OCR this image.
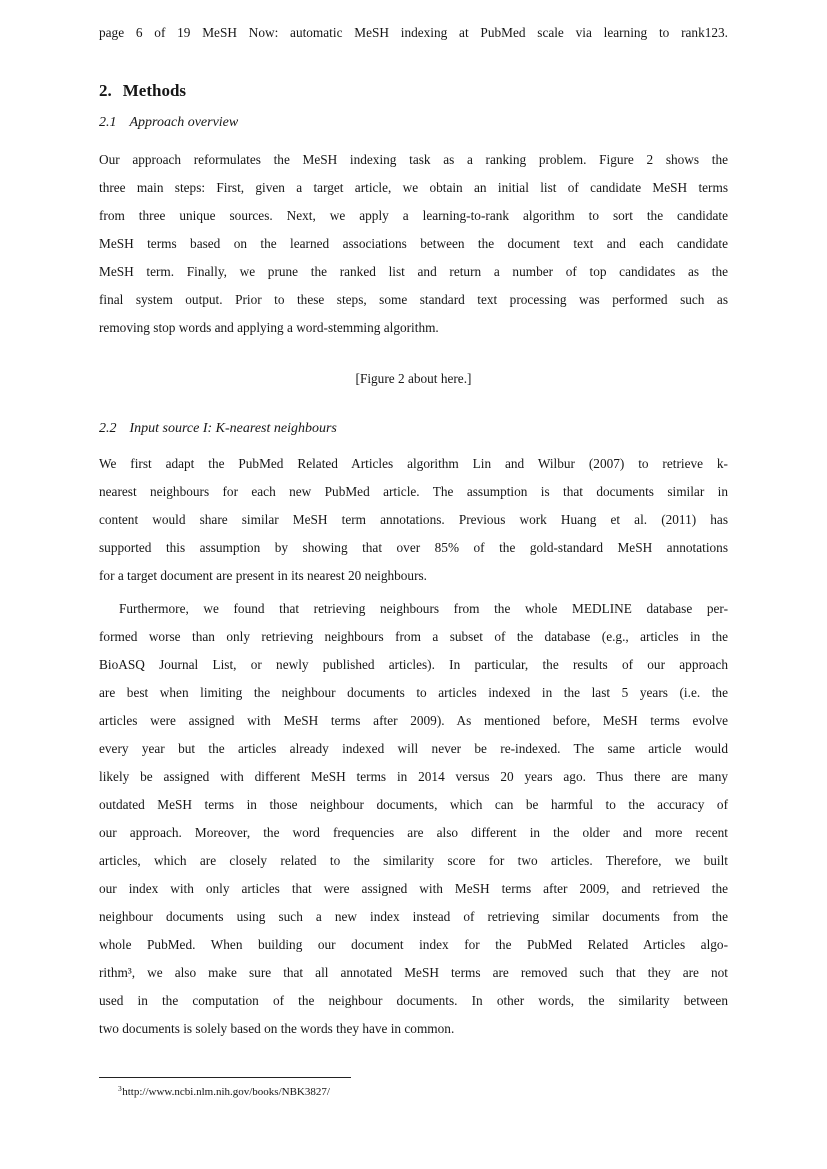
page 6 of 19 MeSH Now: automatic MeSH indexing at PubMed scale via learning to rank123.
2. Methods
2.1 Approach overview
Our approach reformulates the MeSH indexing task as a ranking problem. Figure 2 shows the
three main steps: First, given a target article, we obtain an initial list of candidate MeSH terms
from three unique sources. Next, we apply a learning-to-rank algorithm to sort the candidate
MeSH terms based on the learned associations between the document text and each candidate
MeSH term. Finally, we prune the ranked list and return a number of top candidates as the
final system output. Prior to these steps, some standard text processing was performed such as
removing stop words and applying a word-stemming algorithm.
[Figure 2 about here.]
2.2 Input source I: K-nearest neighbours
We first adapt the PubMed Related Articles algorithm Lin and Wilbur (2007) to retrieve k-
nearest neighbours for each new PubMed article. The assumption is that documents similar in
content would share similar MeSH term annotations. Previous work Huang et al. (2011) has
supported this assumption by showing that over 85% of the gold-standard MeSH annotations
for a target document are present in its nearest 20 neighbours.
Furthermore, we found that retrieving neighbours from the whole MEDLINE database per-
formed worse than only retrieving neighbours from a subset of the database (e.g., articles in the
BioASQ Journal List, or newly published articles). In particular, the results of our approach
are best when limiting the neighbour documents to articles indexed in the last 5 years (i.e. the
articles were assigned with MeSH terms after 2009). As mentioned before, MeSH terms evolve
every year but the articles already indexed will never be re-indexed. The same article would
likely be assigned with different MeSH terms in 2014 versus 20 years ago. Thus there are many
outdated MeSH terms in those neighbour documents, which can be harmful to the accuracy of
our approach. Moreover, the word frequencies are also different in the older and more recent
articles, which are closely related to the similarity score for two articles. Therefore, we built
our index with only articles that were assigned with MeSH terms after 2009, and retrieved the
neighbour documents using such a new index instead of retrieving similar documents from the
whole PubMed. When building our document index for the PubMed Related Articles algo-
rithm³, we also make sure that all annotated MeSH terms are removed such that they are not
used in the computation of the neighbour documents. In other words, the similarity between
two documents is solely based on the words they have in common.
$^3$http://www.ncbi.nlm.nih.gov/books/NBK3827/
